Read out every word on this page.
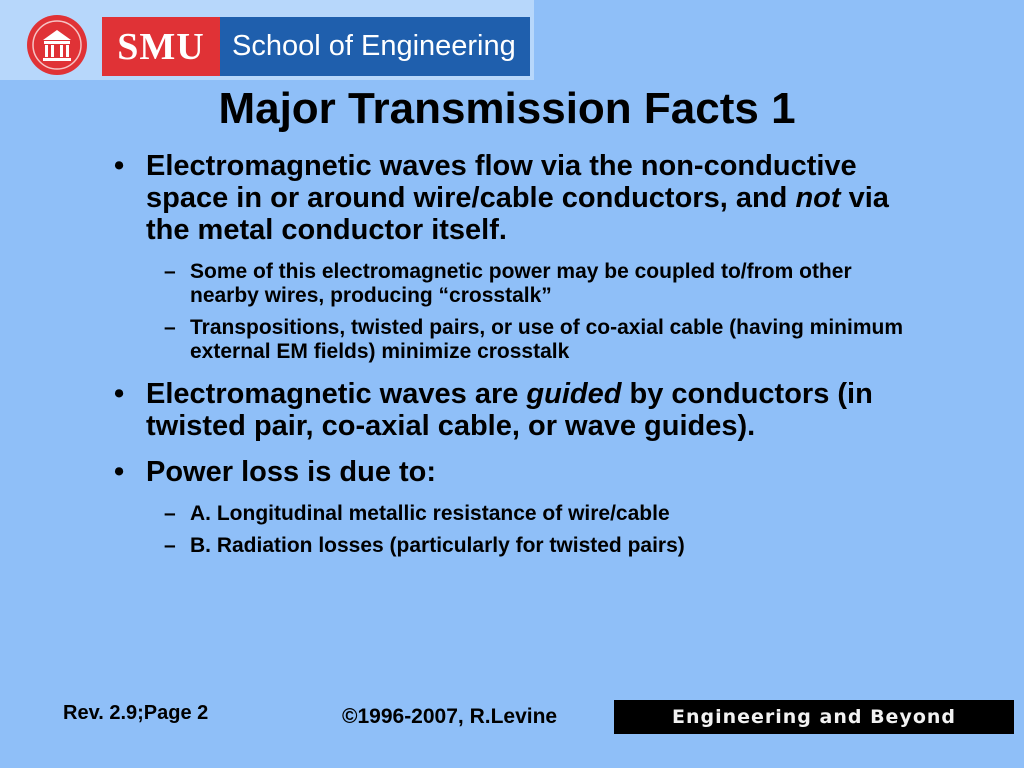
SMU School of Engineering
Major Transmission Facts 1
• Electromagnetic waves flow via the non-conductive space in or around wire/cable conductors, and not via the metal conductor itself.
– Some of this electromagnetic power may be coupled to/from other nearby wires, producing “crosstalk”
– Transpositions, twisted pairs, or use of co-axial cable (having minimum external EM fields) minimize crosstalk
• Electromagnetic waves are guided by conductors (in twisted pair, co-axial cable, or wave guides).
• Power loss is due to:
– A. Longitudinal metallic resistance of wire/cable
– B. Radiation losses (particularly for twisted pairs)
Rev. 2.9;Page 2	©1996-2007, R.Levine	Engineering and Beyond
